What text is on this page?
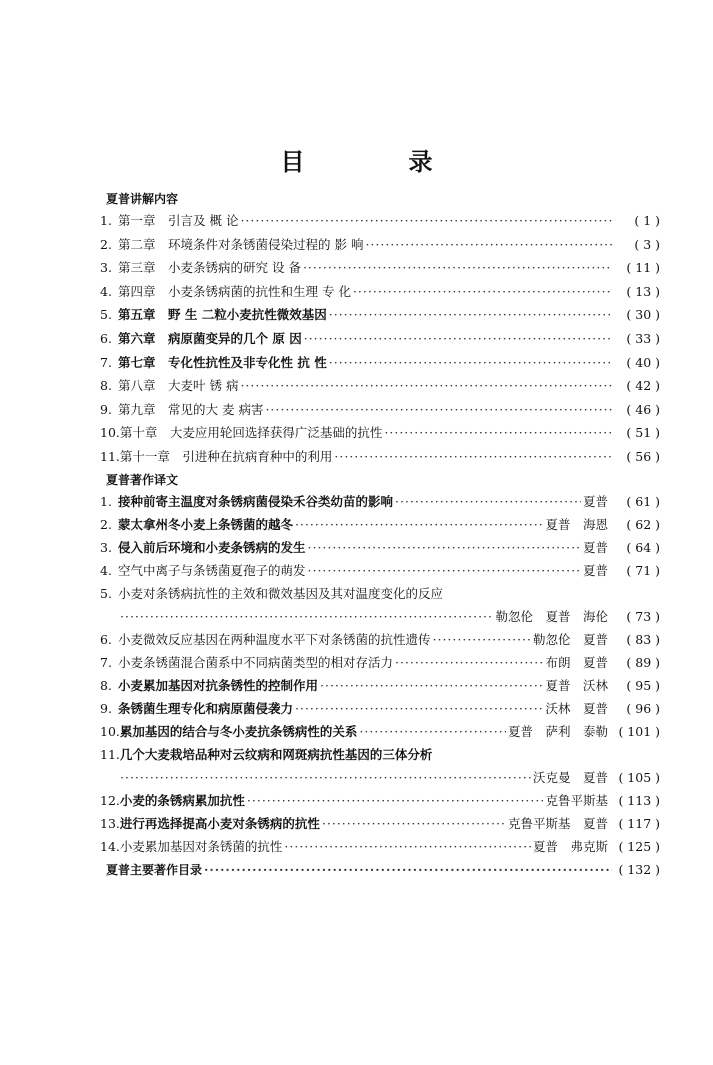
目　录
夏普讲解内容
1. 第一章　引言及 概 论 ·····	( 1 )
2. 第二章　环境条件对条锈菌侵染过程的 影 响 ·····	( 3 )
3. 第三章　小麦条锈病的研究 设 备 ·····	( 11 )
4. 第四章　小麦条锈病菌的抗性和生理 专 化 ·····	( 13 )
5. 第五章　野 生 二粒小麦抗性微效基因 ·····	( 30 )
6. 第六章　病原菌变异的几个 原 因 ·····	( 33 )
7. 第七章　专化性抗性及非专化性 抗 性 ·····	( 40 )
8. 第八章　大麦叶 锈 病 ·····	( 42 )
9. 第九章　常见的大 麦 病害 ·····	( 46 )
10. 第十章　大麦应用轮回选择获得广泛基础的抗性 ·····	( 51 )
11. 第十一章　引进种在抗病育种中的利用 ·····	( 56 )
夏普著作译文
1. 接种前寄主温度对条锈病菌侵染禾谷类幼苗的影响 ·····	夏普	( 61 )
2. 蒙太拿州冬小麦上条锈菌的越冬 ·····	夏普　海恩	( 62 )
3. 侵入前后环境和小麦条锈病的发生 ·····	夏普	( 64 )
4. 空气中离子与条锈菌夏孢子的萌发 ·····	夏普	( 71 )
5. 小麦对条锈病抗性的主效和微效基因及其对温度变化的反应
·····
勒忽伦　夏普　海伦	( 73 )
6. 小麦微效反应基因在两种温度水平下对条锈菌的抗性遗传 ·····	勒忽伦　夏普	( 83 )
7. 小麦条锈菌混合菌系中不同病菌类型的相对存活力 ·····	布朗　夏普	( 89 )
8. 小麦累加基因对抗条锈性的控制作用 ·····	夏普　沃林	( 95 )
9. 条锈菌生理专化和病原菌侵袭力 ·····	沃林　夏普	( 96 )
10. 累加基因的结合与冬小麦抗条锈病性的关系 ·····	夏普　萨利　泰勒 ( 101 )
11. 几个大麦栽培品种对云纹病和网斑病抗性基因的三体分析
·····
沃克曼　夏普 ( 105 )
12. 小麦的条锈病累加抗性 ·····	克鲁平斯基 ( 113 )
13. 进行再选择提高小麦对条锈病的抗性 ·····	克鲁平斯基　夏普 ( 117 )
14. 小麦累加基因对条锈菌的抗性 ·····	夏普　弗克斯 ( 125 )
夏普主要著作目录 ·····	( 132 )
